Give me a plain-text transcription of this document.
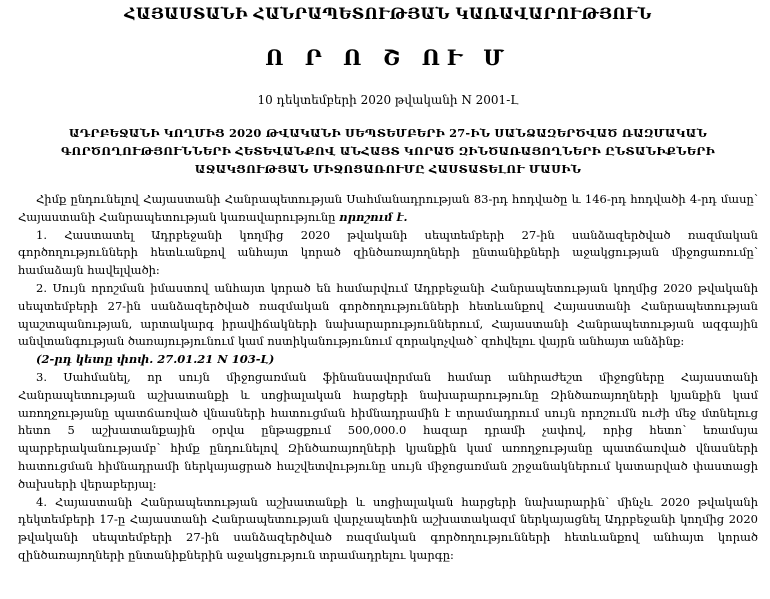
ՀԱՅԱՍՏԱՆԻ ՀԱՆՐԱՊԵՏՈՒԹՅԱՆ ԿԱՌԱՎԱՐՈՒԹՅՈՒՆ
Ո Ր Ո Շ ՈՒ Մ
10 դեկտեմբերի 2020 թվականի N 2001-Լ
ԱԴՐԲԵՋԱՆԻ ԿՈՂՄԻՑ 2020 ԹՎԱԿԱՆԻ ՍԵՊՏԵՄԲԵՐԻ 27-ԻՆ ՍԱՆՁԱԶԵՐԾՎԱԾ ՌԱԶՄԱԿԱՆ
ԳՈՐԾՈՂՈՒԹՅՈՒՆՆԵՐԻ ՀԵՏԵՎԱՆՔՈՎ ԱՆՀԱՅՏ ԿՈՐԱԾ ԶԻՆԾԱՌԱՅՈՂՆԵՐԻ ԸՆՏԱՆԻՔՆԵՐԻ
ԱՋԱԿՑՈՒԹՅԱՆ ՄԻՋՈՑԱՌՈՒՄԸ ՀԱՍՏԱՏԵԼՈՒ ՄԱՍԻՆ

Հիմք ընդունելով Հայաստանի Հանրապետության Սահմանադրության 83-րդ հոդվածը և 146-րդ հոդվածի 4-րդ մասը՝ Հայաստանի Հանրապետության կառավարությունը որոշում է.

1. Հաստատել Ադրբեջանի կողմից 2020 թվականի սեպտեմբերի 27-ին սանձազերծված ռազմական գործողությունների հետևանքով անհայտ կորած զինծառայողների ընտանիքների աջակցության միջոցառումը՝ համաձայն հավելվածի:

2. Սույն որոշման իմաստով անհայտ կորած են համարվում Ադրբեջանի Հանրապետության կողմից 2020 թվականի սեպտեմբերի 27-ին սանձազերծված ռազմական գործողությունների հետևանքով Հայաստանի Հանրապետության պաշտպանության, արտակարգ իրավիճակների նախարարություններում, Հայաստանի Հանրապետության ազգային անվտանգության ծառայությունում կամ ոստիկանությունում զորակոչված՝ զոհվելու վայրն անհայտ անձինք:

(2-րդ կետը փոփ. 27.01.21 N 103-Լ)

3. Սահմանել, որ սույն միջոցառման ֆինանսավորման համար անհրաժեշտ միջոցները Հայաստանի Հանրապետության աշխատանքի և սոցիալական հարցերի նախարարությունը Զինծառայողների կյանքին կամ առողջությանը պատճառված վնասների հատուցման հիմնադրամին է տրամադրում սույն որոշումն ուժի մեջ մտնելուց հետո 5 աշխատանքային օրվա ընթացքում 500,000.0 հազար դրամի չափով, որից հետո՝ եռամսյա պարբերականությամբ՝ հիմք ընդունելով Զինծառայողների կյանքին կամ առողջությանը պատճառված վնասների հատուցման հիմնադրամի ներկայացրած հաշվետվությունը սույն միջոցառման շրջանակներում կատարված փաստացի ծախսերի վերաբերյալ:

4. Հայաստանի Հանրապետության աշխատանքի և սոցիալական հարցերի նախարարին՝ մինչև 2020 թվականի դեկտեմբերի 17-ը Հայաստանի Հանրապետության վարչապետին աշխատակազմ ներկայացնել Ադրբեջանի կողմից 2020 թվականի սեպտեմբերի 27-ին սանձազերծված ռազմական գործողությունների հետևանքով անհայտ կորած զինծառայողների ընտանիքներին աջակցություն տրամադրելու կարգը:
